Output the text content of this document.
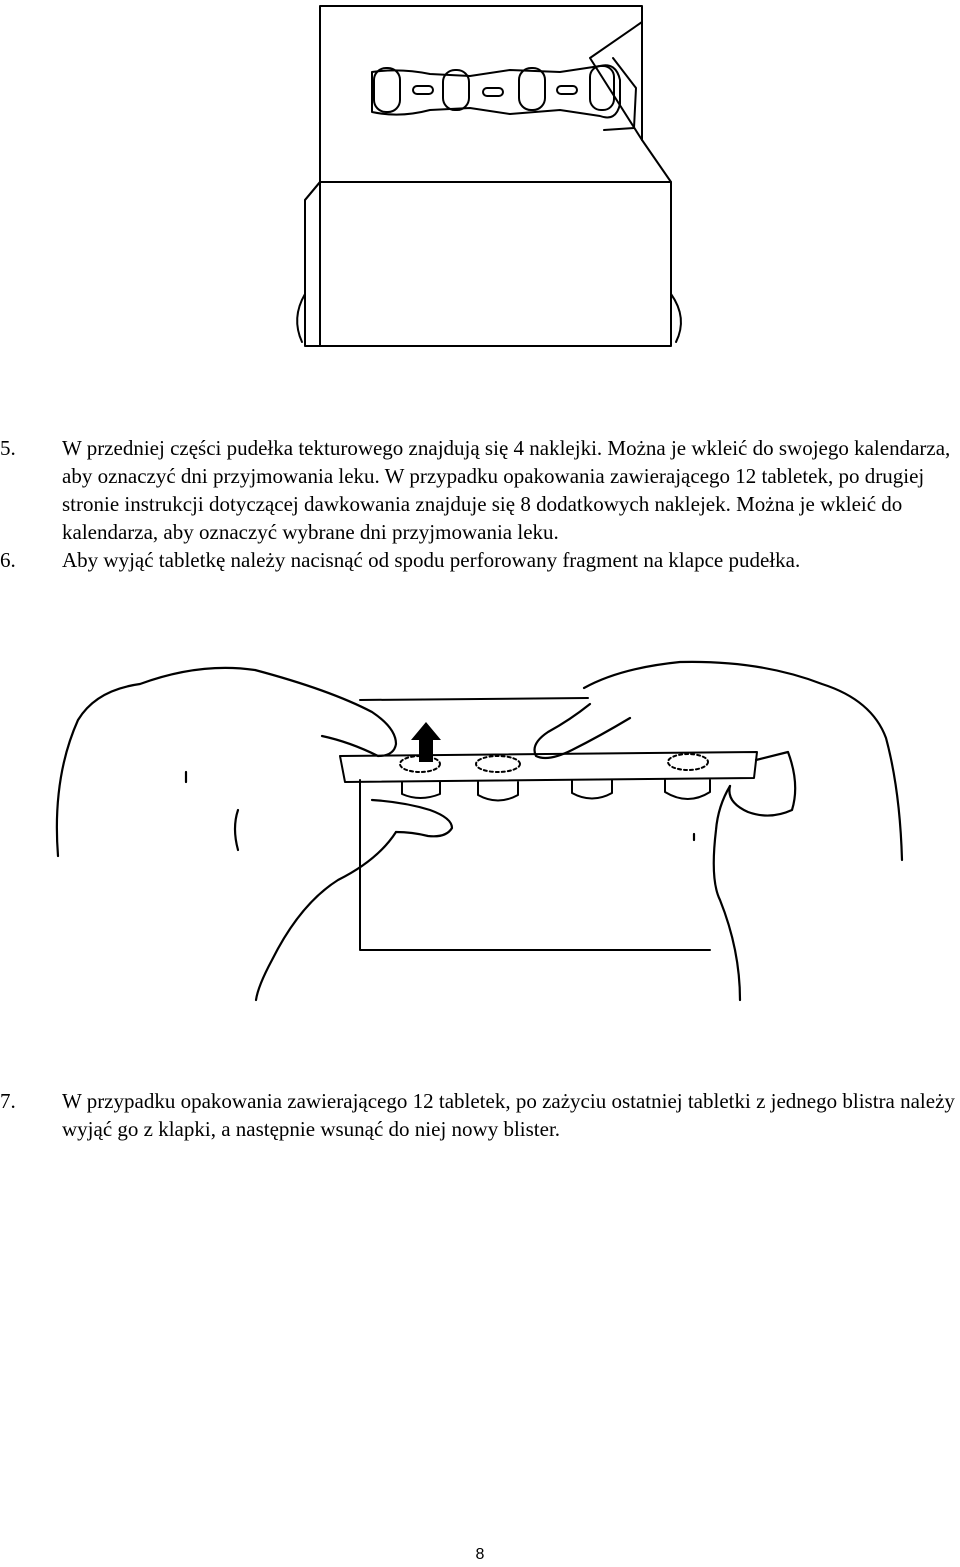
5.	W przedniej części pudełka tekturowego znajdują się 4 naklejki. Można je wkleić do swojego kalendarza, aby oznaczyć dni przyjmowania leku. W przypadku opakowania zawierającego 12 tabletek, po drugiej stronie instrukcji dotyczącej dawkowania znajduje się 8 dodatkowych naklejek. Można je wkleić do kalendarza, aby oznaczyć wybrane dni przyjmowania leku.
6.	Aby wyjąć tabletkę należy nacisnąć od spodu perforowany fragment na klapce pudełka.
7.	W przypadku opakowania zawierającego 12 tabletek, po zażyciu ostatniej tabletki z jednego blistra należy wyjąć go z klapki, a następnie wsunąć do niej nowy blister.
8
